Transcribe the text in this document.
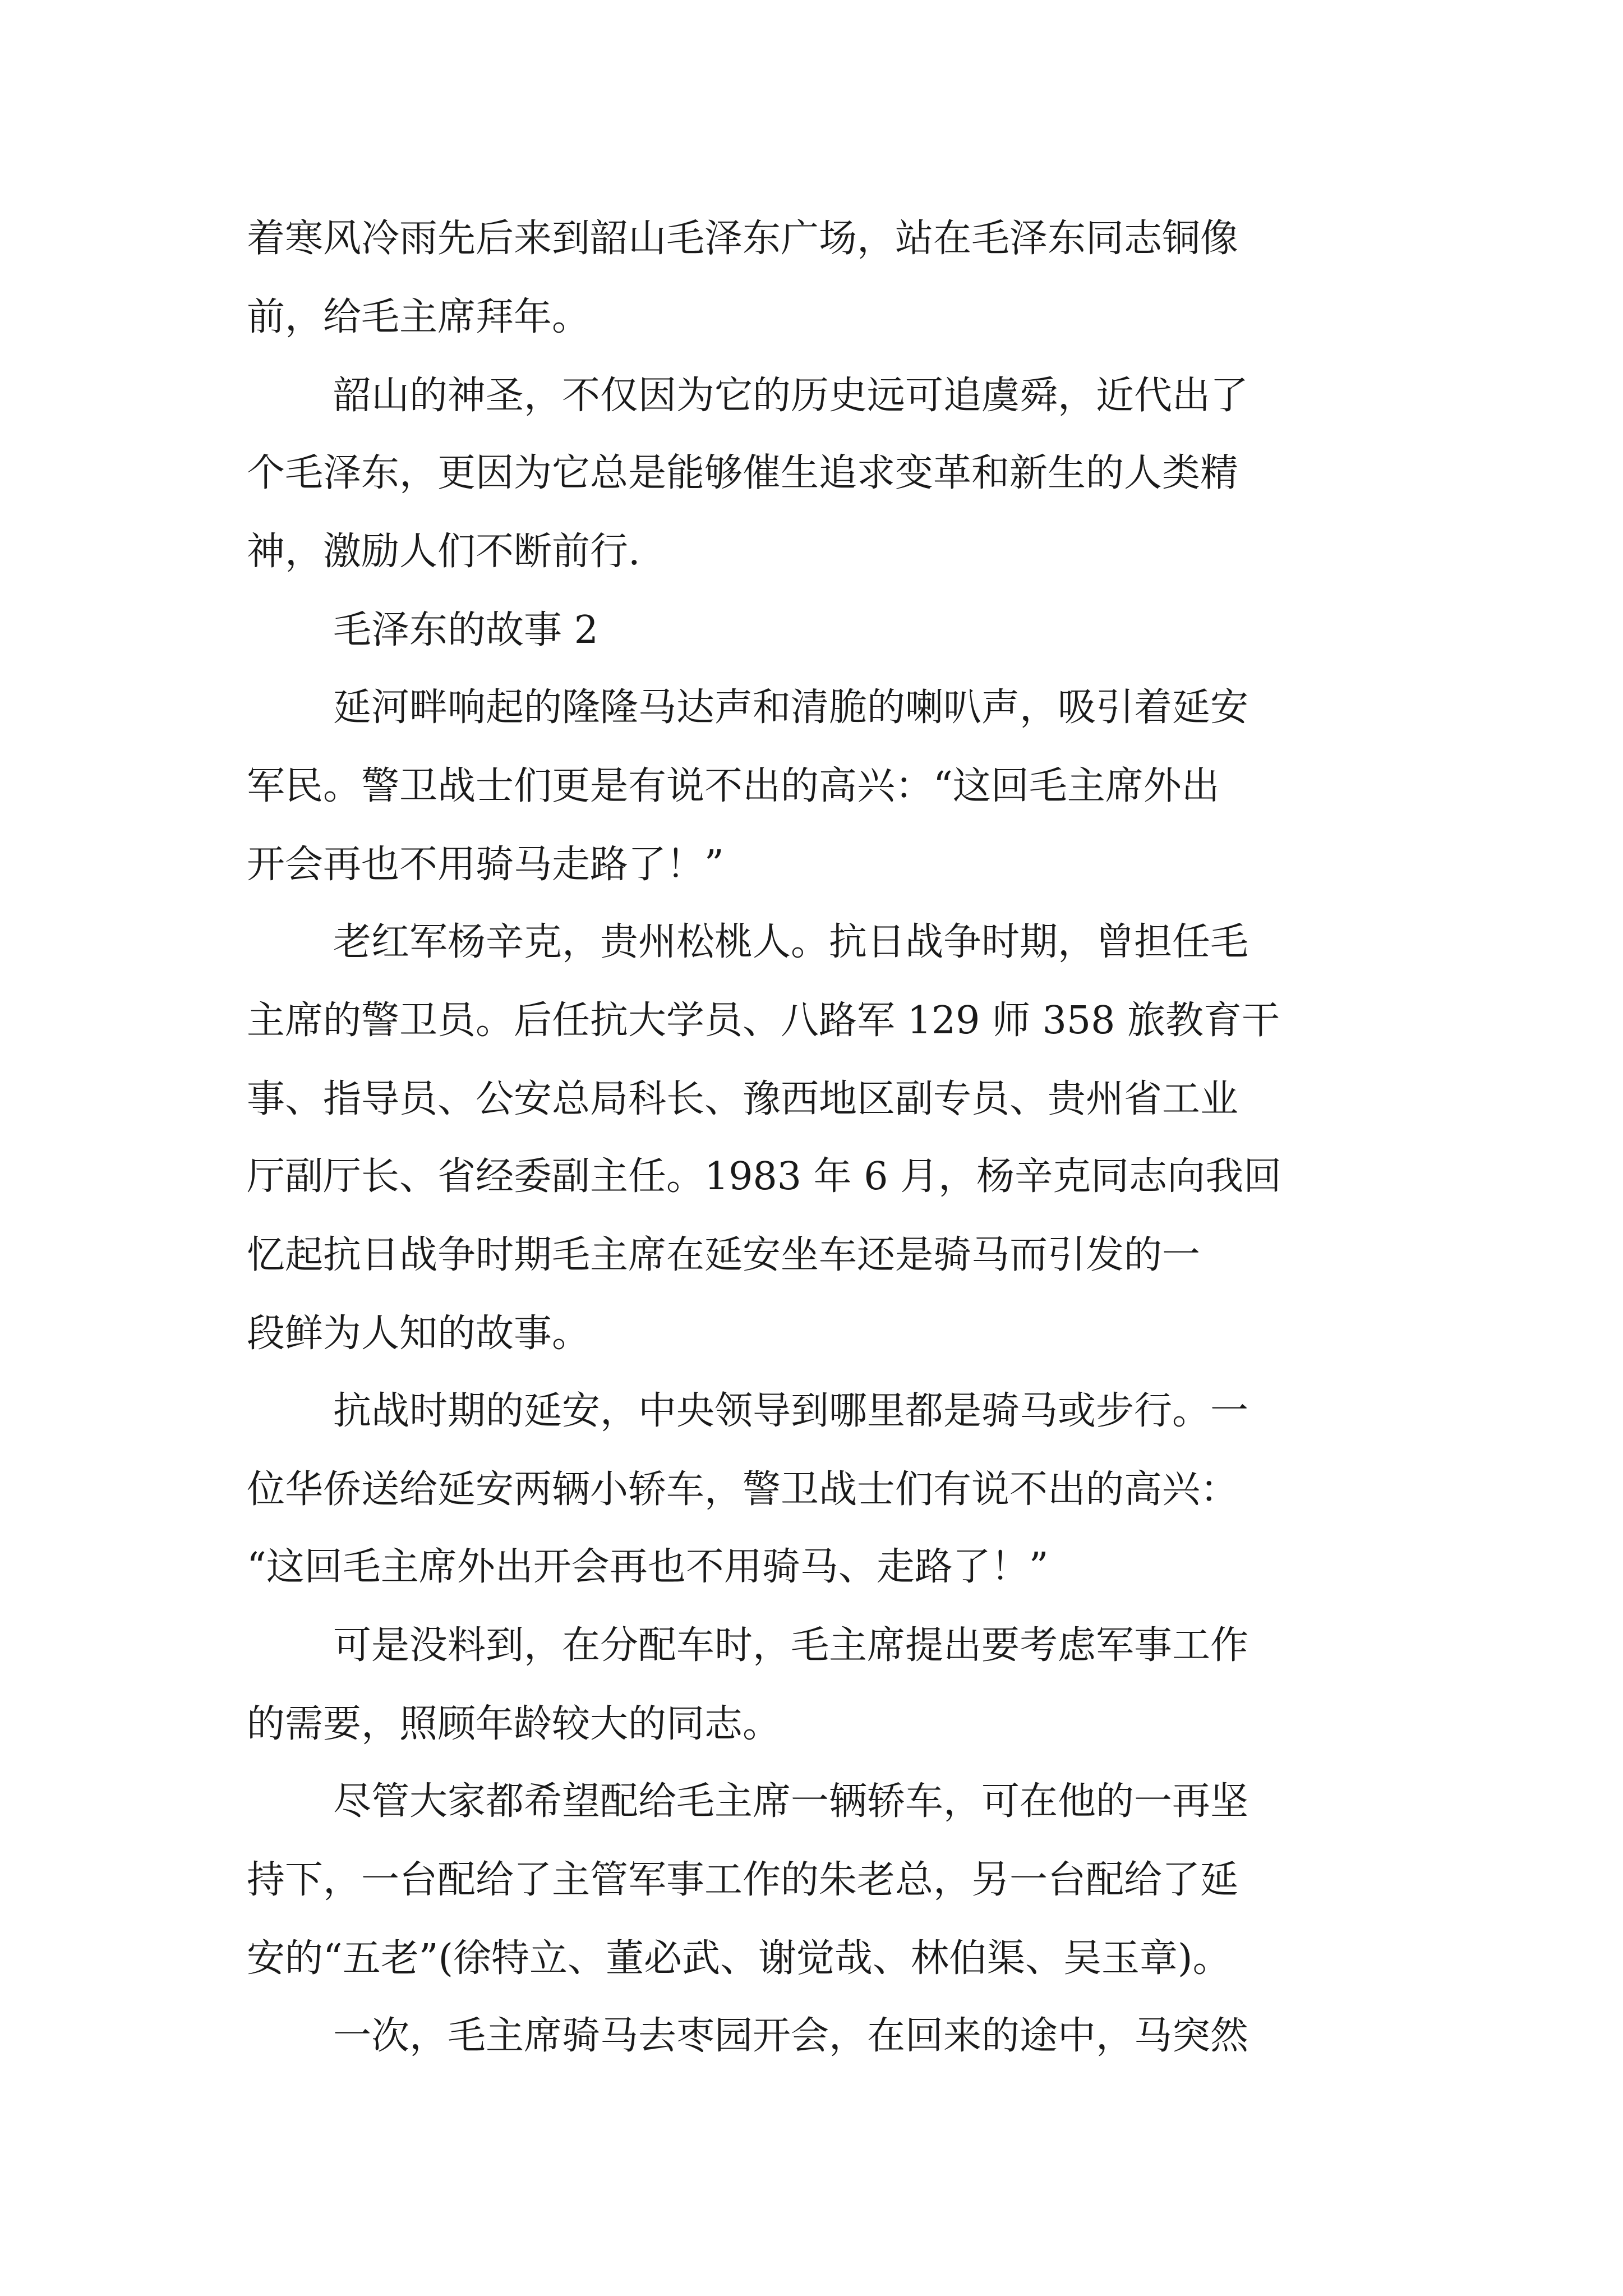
着寒风冷雨先后来到韶山毛泽东广场，站在毛泽东同志铜像
前，给毛主席拜年。
韶山的神圣，不仅因为它的历史远可追虞舜，近代出了
个毛泽东，更因为它总是能够催生追求变革和新生的人类精
神，激励人们不断前行.
毛泽东的故事 2
延河畔响起的隆隆马达声和清脆的喇叭声，吸引着延安
军民。警卫战士们更是有说不出的高兴：“这回毛主席外出
开会再也不用骑马走路了！”
老红军杨辛克，贵州松桃人。抗日战争时期，曾担任毛
主席的警卫员。后任抗大学员、八路军 129 师 358 旅教育干
事、指导员、公安总局科长、豫西地区副专员、贵州省工业
厅副厅长、省经委副主任。1983 年 6 月，杨辛克同志向我回
忆起抗日战争时期毛主席在延安坐车还是骑马而引发的一
段鲜为人知的故事。
抗战时期的延安，中央领导到哪里都是骑马或步行。一
位华侨送给延安两辆小轿车，警卫战士们有说不出的高兴：
“这回毛主席外出开会再也不用骑马、走路了！”
可是没料到，在分配车时，毛主席提出要考虑军事工作
的需要，照顾年龄较大的同志。
尽管大家都希望配给毛主席一辆轿车，可在他的一再坚
持下，一台配给了主管军事工作的朱老总，另一台配给了延
安的“五老”(徐特立、董必武、谢觉哉、林伯渠、吴玉章)。
一次，毛主席骑马去枣园开会，在回来的途中，马突然
